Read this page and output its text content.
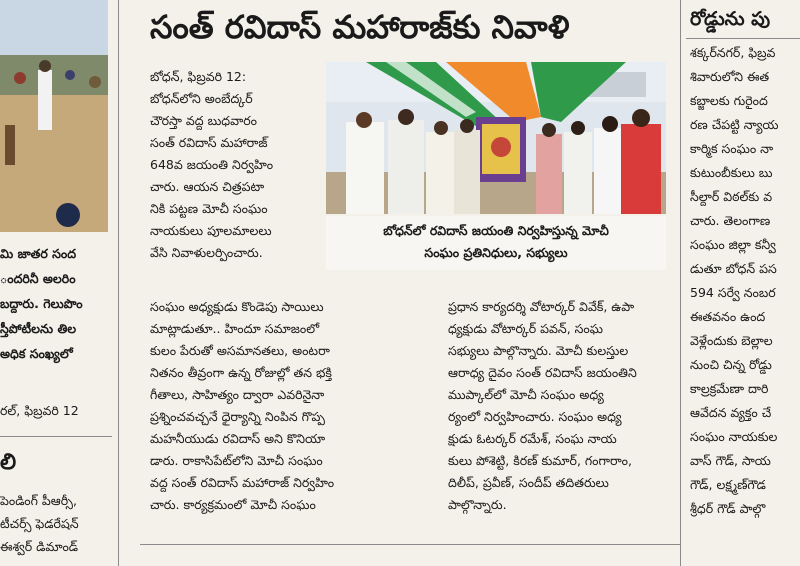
మి జాతర సంద
ందరినీ అలరిం
బద్దారు. గెలుపొం
స్తీపోటీలను తిల
అధిక సంఖ్యలో
రల్, ఫిబ్రవరి 12
లి
పెండింగ్ పీఆర్సీ,
టీచర్స్ ఫెడరేషన్
ఈశ్వర్ డిమాండ్
సంత్ రవిదాస్ మహారాజ్‌కు నివాళి
బోధన్, ఫిబ్రవరి 12:
బోధన్‌లోని అంబేద్కర్
చౌరస్తా వద్ద బుధవారం
సంత్ రవిదాస్ మహారాజ్
648వ జయంతి నిర్వహిం
చారు. ఆయన చిత్రపటా
నికి పట్టణ మోచీ సంఘం
నాయకులు పూలమాలలు
వేసి నివాళులర్పించారు.
బోధన్‌లో రవిదాస్ జయంతి నిర్వహిస్తున్న మోచీ
సంఘం ప్రతినిధులు, సభ్యులు
సంఘం అధ్యక్షుడు కొండెపు సాయిలు
మాట్లాడుతూ.. హిందూ సమాజంలో
కులం పేరుతో అసమానతలు, అంటరా
నితనం తీవ్రంగా ఉన్న రోజుల్లో తన భక్తి
గీతాలు, సాహిత్యం ద్వారా ఎవరినైనా
ప్రశ్నించవచ్చనే ధైర్యాన్ని నింపిన గొప్ప
మహనీయుడు రవిదాస్ అని కొనియా
డారు. రాకాసిపేట్‌లోని మోచీ సంఘం
వద్ద సంత్ రవిదాస్ మహారాజ్ నిర్వహిం
చారు. కార్యక్రమంలో మోచీ సంఘం
ప్రధాన కార్యదర్శి వోటార్కర్ వివేక్, ఉపా
ధ్యక్షుడు వోటార్కర్ పవన్, సంఘ
సభ్యులు పాల్గొన్నారు. మోచీ కులస్తుల
ఆరాధ్య దైవం సంత్ రవిదాస్ జయంతిని
ముప్కాల్‌లో మోచీ సంఘం అధ్య
ర్యంలో నిర్వహించారు. సంఘం అధ్య
క్షుడు ఓటర్కర్ రమేశ్, సంఘ నాయ
కులు పోశెట్టి, కిరణ్ కుమార్, గంగారాం,
దిలీప్, ప్రవీణ్, సందీప్ తదితరులు
పాల్గొన్నారు.
రోడ్డును పు
శక్కర్‌నగర్, ఫిబ్రవ
శివారులోని ఈత
కబ్జాలకు గురైంద
రణ చేపట్టి న్యాయ
కార్మిక సంఘం నా
కుటుంబీకులు బు
సీల్దార్ విఠల్‌కు వ
చారు. తెలంగాణ
సంఘం జిల్లా కన్వీ
డుతూ బోధన్ పస
594 సర్వే నంబర
ఈతవనం ఉంద
వెళ్లేందుకు బెల్లాల
నుంచి చిన్న రోడ్డు
కాల్రక్రమేణా దారి
ఆవేదన వ్యక్తం చే
సంఘం నాయకుల
వాస్ గౌడ్, సాయ
గౌడ్, లక్ష్మణ్‌గౌడ
శ్రీధర్ గౌడ్ పాల్గొ
